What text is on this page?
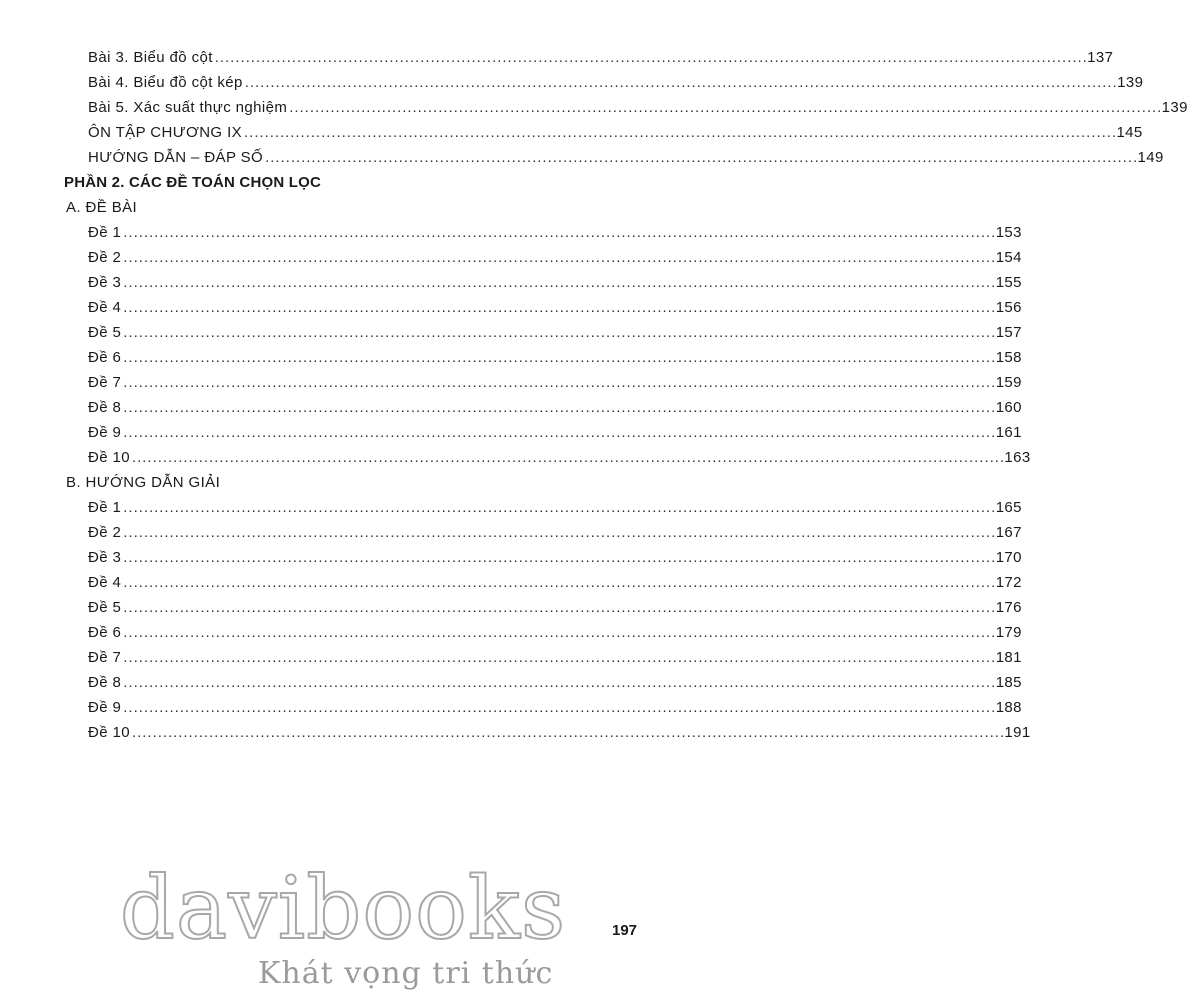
Bài 3. Biểu đồ cột . . .	137
Bài 4. Biểu đồ cột kép . . .	139
Bài 5. Xác suất thực nghiệm . . .	139
ÔN TẬP CHƯƠNG IX . . .	145
HƯỚNG DẪN – ĐÁP SỐ . . .	149
PHẦN 2. CÁC ĐỀ TOÁN CHỌN LỌC
A. ĐỀ BÀI
Đề 1 . . .	153
Đề 2 . . .	154
Đề 3 . . .	155
Đề 4 . . .	156
Đề 5 . . .	157
Đề 6 . . .	158
Đề 7 . . .	159
Đề 8 . . .	160
Đề 9 . . .	161
Đề 10 . . .	163
B. HƯỚNG DẪN GIẢI
Đề 1 . . .	165
Đề 2 . . .	167
Đề 3 . . .	170
Đề 4 . . .	172
Đề 5 . . .	176
Đề 6 . . .	179
Đề 7 . . .	181
Đề 8 . . .	185
Đề 9 . . .	188
Đề 10 . . .	191
davibooks
Khát vọng tri thức
197
